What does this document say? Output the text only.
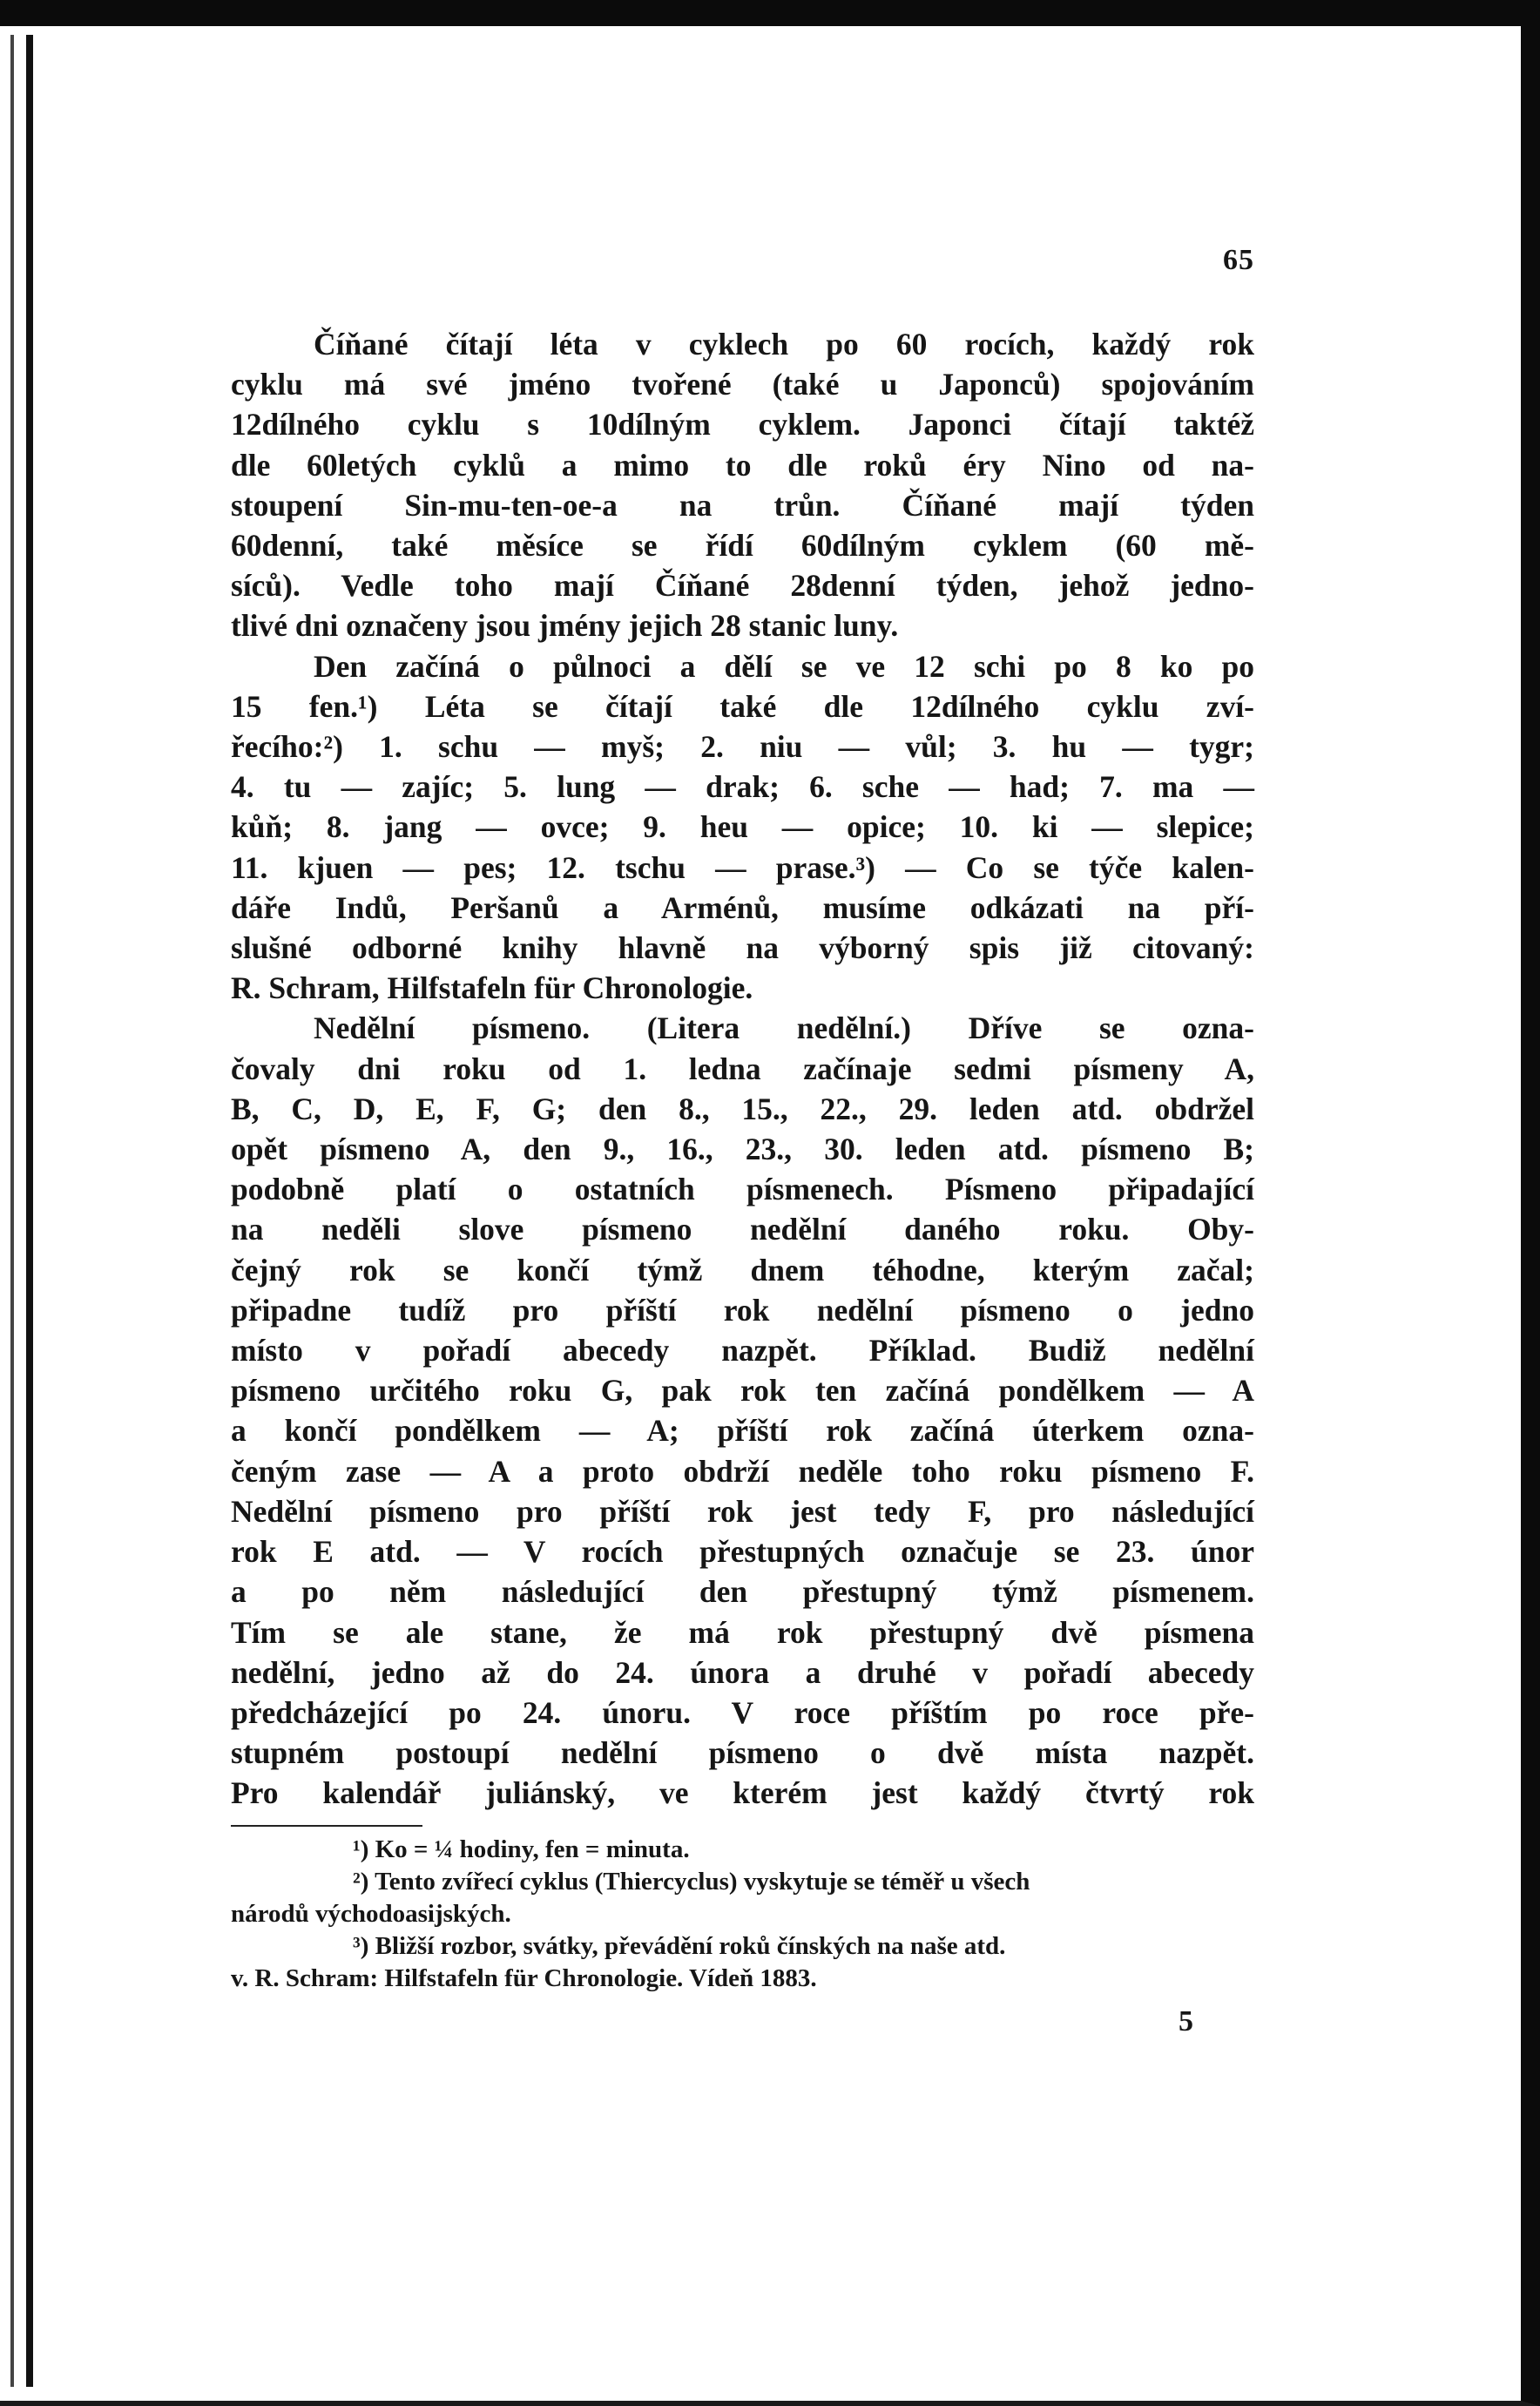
65
Číňané čítají léta v cyklech po 60 rocích, každý rok
cyklu má své jméno tvořené (také u Japonců) spojováním
12dílného cyklu s 10dílným cyklem. Japonci čítají taktéž
dle 60letých cyklů a mimo to dle roků éry Nino od na-
stoupení Sin-mu-ten-oe-a na trůn. Číňané mají týden
60denní, také měsíce se řídí 60dílným cyklem (60 mě-
síců). Vedle toho mají Číňané 28denní týden, jehož jedno-
tlivé dni označeny jsou jmény jejich 28 stanic luny.
Den začíná o půlnoci a dělí se ve 12 schi po 8 ko po
15 fen.¹) Léta se čítají také dle 12dílného cyklu zví-
řecího:²) 1. schu — myš; 2. niu — vůl; 3. hu — tygr;
4. tu — zajíc; 5. lung — drak; 6. sche — had; 7. ma —
kůň; 8. jang — ovce; 9. heu — opice; 10. ki — slepice;
11. kjuen — pes; 12. tschu — prase.³) — Co se týče kalen-
dáře Indů, Peršanů a Arménů, musíme odkázati na pří-
slušné odborné knihy hlavně na výborný spis již citovaný:
R. Schram, Hilfstafeln für Chronologie.
Nedělní písmeno. (Litera nedělní.) Dříve se ozna-
čovaly dni roku od 1. ledna začínaje sedmi písmeny A,
B, C, D, E, F, G; den 8., 15., 22., 29. leden atd. obdržel
opět písmeno A, den 9., 16., 23., 30. leden atd. písmeno B;
podobně platí o ostatních písmenech. Písmeno připadající
na neděli slove písmeno nedělní daného roku. Oby-
čejný rok se končí týmž dnem téhodne, kterým začal;
připadne tudíž pro příští rok nedělní písmeno o jedno
místo v pořadí abecedy nazpět. Příklad. Budiž nedělní
písmeno určitého roku G, pak rok ten začíná pondělkem — A
a končí pondělkem — A; příští rok začíná úterkem ozna-
čeným zase — A a proto obdrží neděle toho roku písmeno F.
Nedělní písmeno pro příští rok jest tedy F, pro následující
rok E atd. — V rocích přestupných označuje se 23. únor
a po něm následující den přestupný týmž písmenem.
Tím se ale stane, že má rok přestupný dvě písmena
nedělní, jedno až do 24. února a druhé v pořadí abecedy
předcházející po 24. únoru. V roce příštím po roce pře-
stupném postoupí nedělní písmeno o dvě místa nazpět.
Pro kalendář juliánský, ve kterém jest každý čtvrtý rok
¹) Ko = ¼ hodiny, fen = minuta.
²) Tento zvířecí cyklus (Thiercyclus) vyskytuje se téměř u všech
národů východoasijských.
³) Bližší rozbor, svátky, převádění roků čínských na naše atd.
v. R. Schram: Hilfstafeln für Chronologie. Vídeň 1883.
5
